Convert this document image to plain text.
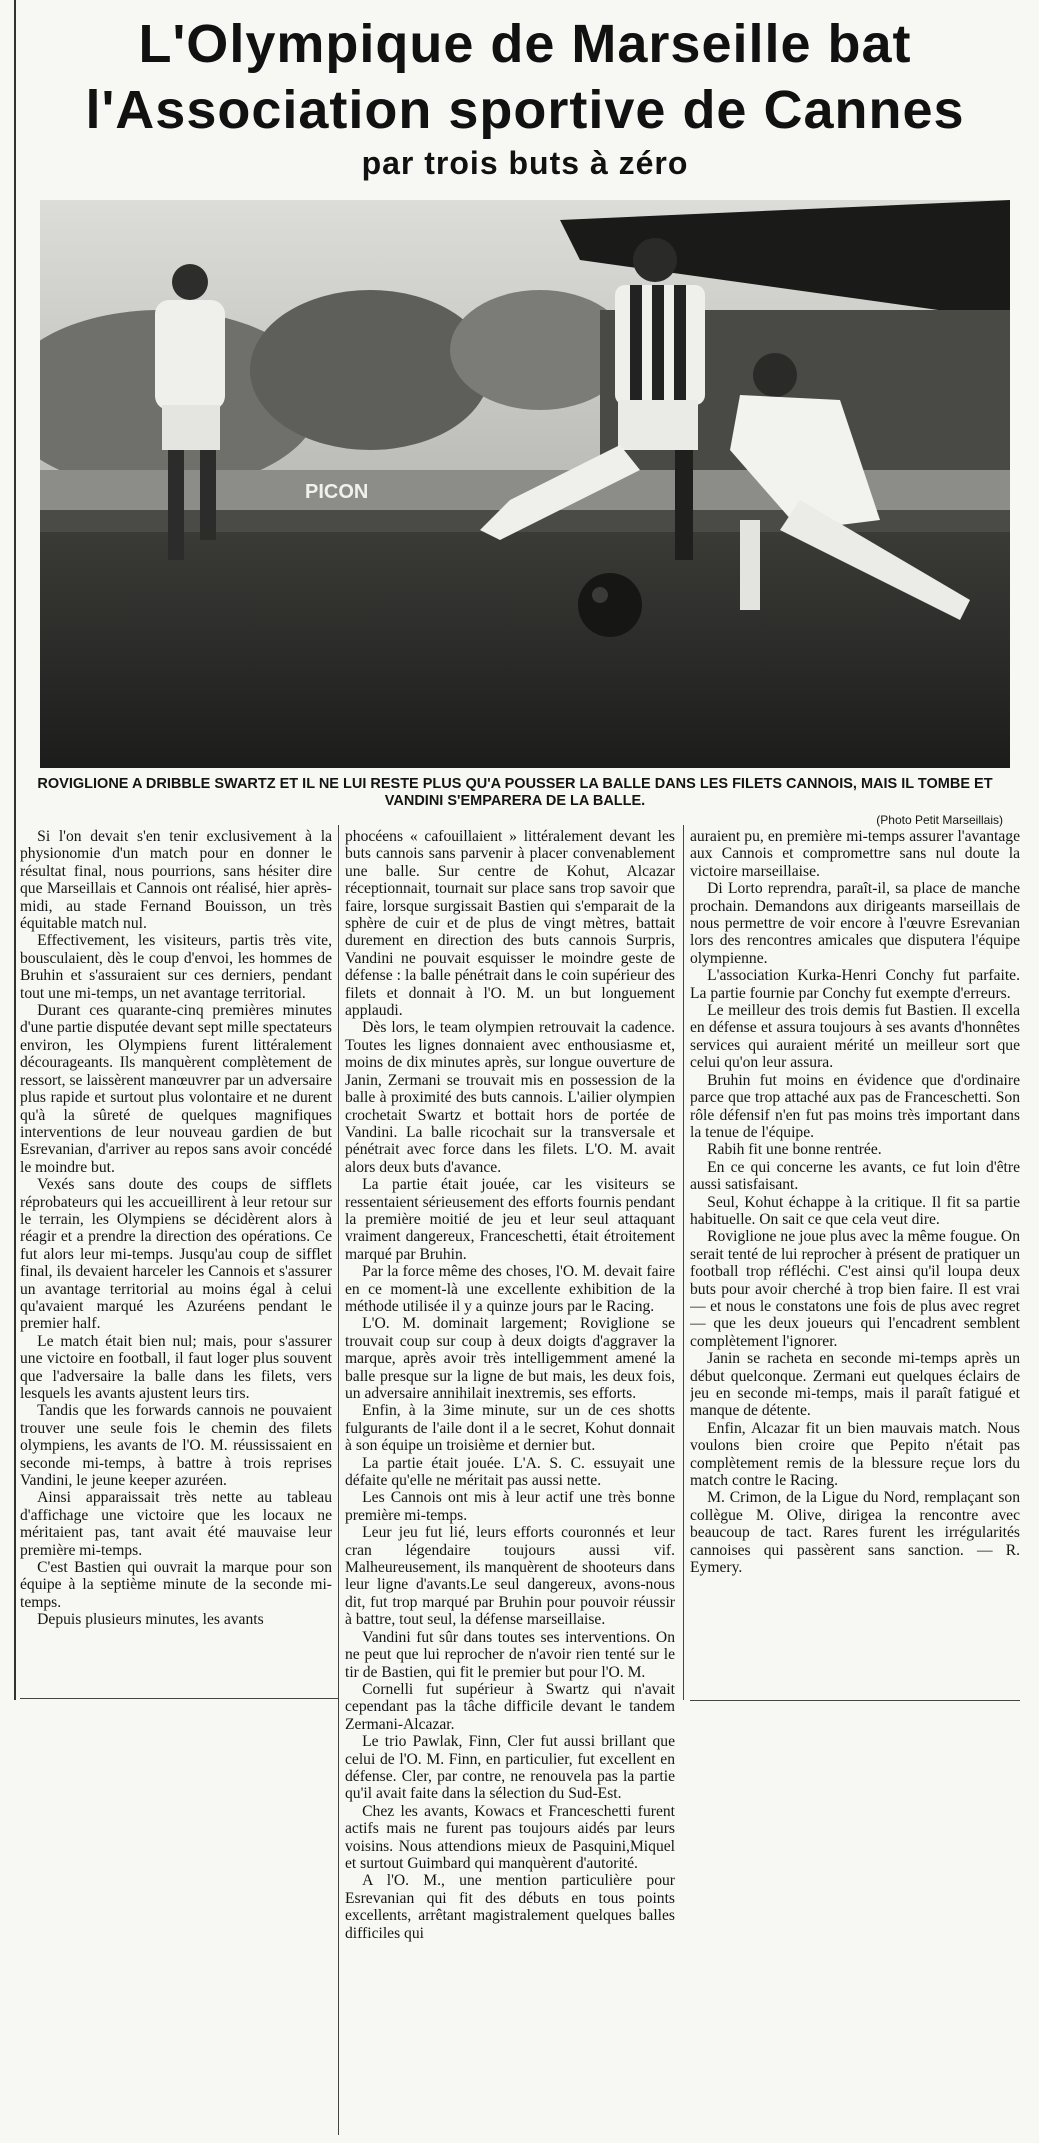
L'Olympique de Marseille bat
l'Association sportive de Cannes
par trois buts à zéro
PICON
ROVIGLIONE A DRIBBLE SWARTZ ET IL NE LUI RESTE PLUS QU'A POUSSER LA BALLE DANS LES FILETS CANNOIS, MAIS IL TOMBE ET VANDINI S'EMPARERA DE LA BALLE.
(Photo Petit Marseillais)

Si l'on devait s'en tenir exclusivement à la physionomie d'un match pour en donner le résultat final, nous pourrions, sans hésiter dire que Marseillais et Cannois ont réalisé, hier après-midi, au stade Fernand Bouisson, un très équitable match nul.

Effectivement, les visiteurs, partis très vite, bousculaient, dès le coup d'envoi, les hommes de Bruhin et s'assuraient sur ces derniers, pendant tout une mi-temps, un net avantage territorial.

Durant ces quarante-cinq premières minutes d'une partie disputée devant sept mille spectateurs environ, les Olympiens furent littéralement décourageants. Ils manquèrent complètement de ressort, se laissèrent manœuvrer par un adversaire plus rapide et surtout plus volontaire et ne durent qu'à la sûreté de quelques magnifiques interventions de leur nouveau gardien de but Esrevanian, d'arriver au repos sans avoir concédé le moindre but.

Vexés sans doute des coups de sifflets réprobateurs qui les accueillirent à leur retour sur le terrain, les Olympiens se décidèrent alors à réagir et a prendre la direction des opérations. Ce fut alors leur mi-temps. Jusqu'au coup de sifflet final, ils devaient harceler les Cannois et s'assurer un avantage territorial au moins égal à celui qu'avaient marqué les Azuréens pendant le premier half.

Le match était bien nul; mais, pour s'assurer une victoire en football, il faut loger plus souvent que l'adversaire la balle dans les filets, vers lesquels les avants ajustent leurs tirs.

Tandis que les forwards cannois ne pouvaient trouver une seule fois le chemin des filets olympiens, les avants de l'O. M. réussissaient en seconde mi-temps, à battre à trois reprises Vandini, le jeune keeper azuréen.

Ainsi apparaissait très nette au tableau d'affichage une victoire que les locaux ne méritaient pas, tant avait été mauvaise leur première mi-temps.

C'est Bastien qui ouvrait la marque pour son équipe à la septième minute de la seconde mi-temps.

Depuis plusieurs minutes, les avants

phocéens « cafouillaient » littéralement devant les buts cannois sans parvenir à placer convenablement une balle. Sur centre de Kohut, Alcazar réceptionnait, tournait sur place sans trop savoir que faire, lorsque surgissait Bastien qui s'emparait de la sphère de cuir et de plus de vingt mètres, battait durement en direction des buts cannois Surpris, Vandini ne pouvait esquisser le moindre geste de défense : la balle pénétrait dans le coin supérieur des filets et donnait à l'O. M. un but longuement applaudi.

Dès lors, le team olympien retrouvait la cadence. Toutes les lignes donnaient avec enthousiasme et, moins de dix minutes après, sur longue ouverture de Janin, Zermani se trouvait mis en possession de la balle à proximité des buts cannois. L'ailier olympien crochetait Swartz et bottait hors de portée de Vandini. La balle ricochait sur la transversale et pénétrait avec force dans les filets. L'O. M. avait alors deux buts d'avance.

La partie était jouée, car les visiteurs se ressentaient sérieusement des efforts fournis pendant la première moitié de jeu et leur seul attaquant vraiment dangereux, Franceschetti, était étroitement marqué par Bruhin.

Par la force même des choses, l'O. M. devait faire en ce moment-là une excellente exhibition de la méthode utilisée il y a quinze jours par le Racing.

L'O. M. dominait largement; Roviglione se trouvait coup sur coup à deux doigts d'aggraver la marque, après avoir très intelligemment amené la balle presque sur la ligne de but mais, les deux fois, un adversaire annihilait inextremis, ses efforts.

Enfin, à la 3ime minute, sur un de ces shotts fulgurants de l'aile dont il a le secret, Kohut donnait à son équipe un troisième et dernier but.

La partie était jouée. L'A. S. C. essuyait une défaite qu'elle ne méritait pas aussi nette.

Les Cannois ont mis à leur actif une très bonne première mi-temps.

Leur jeu fut lié, leurs efforts couronnés et leur cran légendaire toujours aussi vif. Malheureusement, ils manquèrent de shooteurs dans leur ligne d'avants.Le seul dangereux, avons-nous dit, fut trop marqué par Bruhin pour pouvoir réussir à battre, tout seul, la défense marseillaise.

Vandini fut sûr dans toutes ses interventions. On ne peut que lui reprocher de n'avoir rien tenté sur le tir de Bastien, qui fit le premier but pour l'O. M.

Cornelli fut supérieur à Swartz qui n'avait cependant pas la tâche difficile devant le tandem Zermani-Alcazar.

Le trio Pawlak, Finn, Cler fut aussi brillant que celui de l'O. M. Finn, en particulier, fut excellent en défense. Cler, par contre, ne renouvela pas la partie qu'il avait faite dans la sélection du Sud-Est.

Chez les avants, Kowacs et Franceschetti furent actifs mais ne furent pas toujours aidés par leurs voisins. Nous attendions mieux de Pasquini,Miquel et surtout Guimbard qui manquèrent d'autorité.

A l'O. M., une mention particulière pour Esrevanian qui fit des débuts en tous points excellents, arrêtant magistralement quelques balles difficiles qui

auraient pu, en première mi-temps assurer l'avantage aux Cannois et compromettre sans nul doute la victoire marseillaise.

Di Lorto reprendra, paraît-il, sa place de manche prochain. Demandons aux dirigeants marseillais de nous permettre de voir encore à l'œuvre Esrevanian lors des rencontres amicales que disputera l'équipe olympienne.

L'association Kurka-Henri Conchy fut parfaite. La partie fournie par Conchy fut exempte d'erreurs.

Le meilleur des trois demis fut Bastien. Il excella en défense et assura toujours à ses avants d'honnêtes services qui auraient mérité un meilleur sort que celui qu'on leur assura.

Bruhin fut moins en évidence que d'ordinaire parce que trop attaché aux pas de Franceschetti. Son rôle défensif n'en fut pas moins très important dans la tenue de l'équipe.

Rabih fit une bonne rentrée.

En ce qui concerne les avants, ce fut loin d'être aussi satisfaisant.

Seul, Kohut échappe à la critique. Il fit sa partie habituelle. On sait ce que cela veut dire.

Roviglione ne joue plus avec la même fougue. On serait tenté de lui reprocher à présent de pratiquer un football trop réfléchi. C'est ainsi qu'il loupa deux buts pour avoir cherché à trop bien faire. Il est vrai — et nous le constatons une fois de plus avec regret — que les deux joueurs qui l'encadrent semblent complètement l'ignorer.

Janin se racheta en seconde mi-temps après un début quelconque. Zermani eut quelques éclairs de jeu en seconde mi-temps, mais il paraît fatigué et manque de détente.

Enfin, Alcazar fit un bien mauvais match. Nous voulons bien croire que Pepito n'était pas complètement remis de la blessure reçue lors du match contre le Racing.

M. Crimon, de la Ligue du Nord, remplaçant son collègue M. Olive, dirigea la rencontre avec beaucoup de tact. Rares furent les irrégularités cannoises qui passèrent sans sanction. — R. Eymery.
